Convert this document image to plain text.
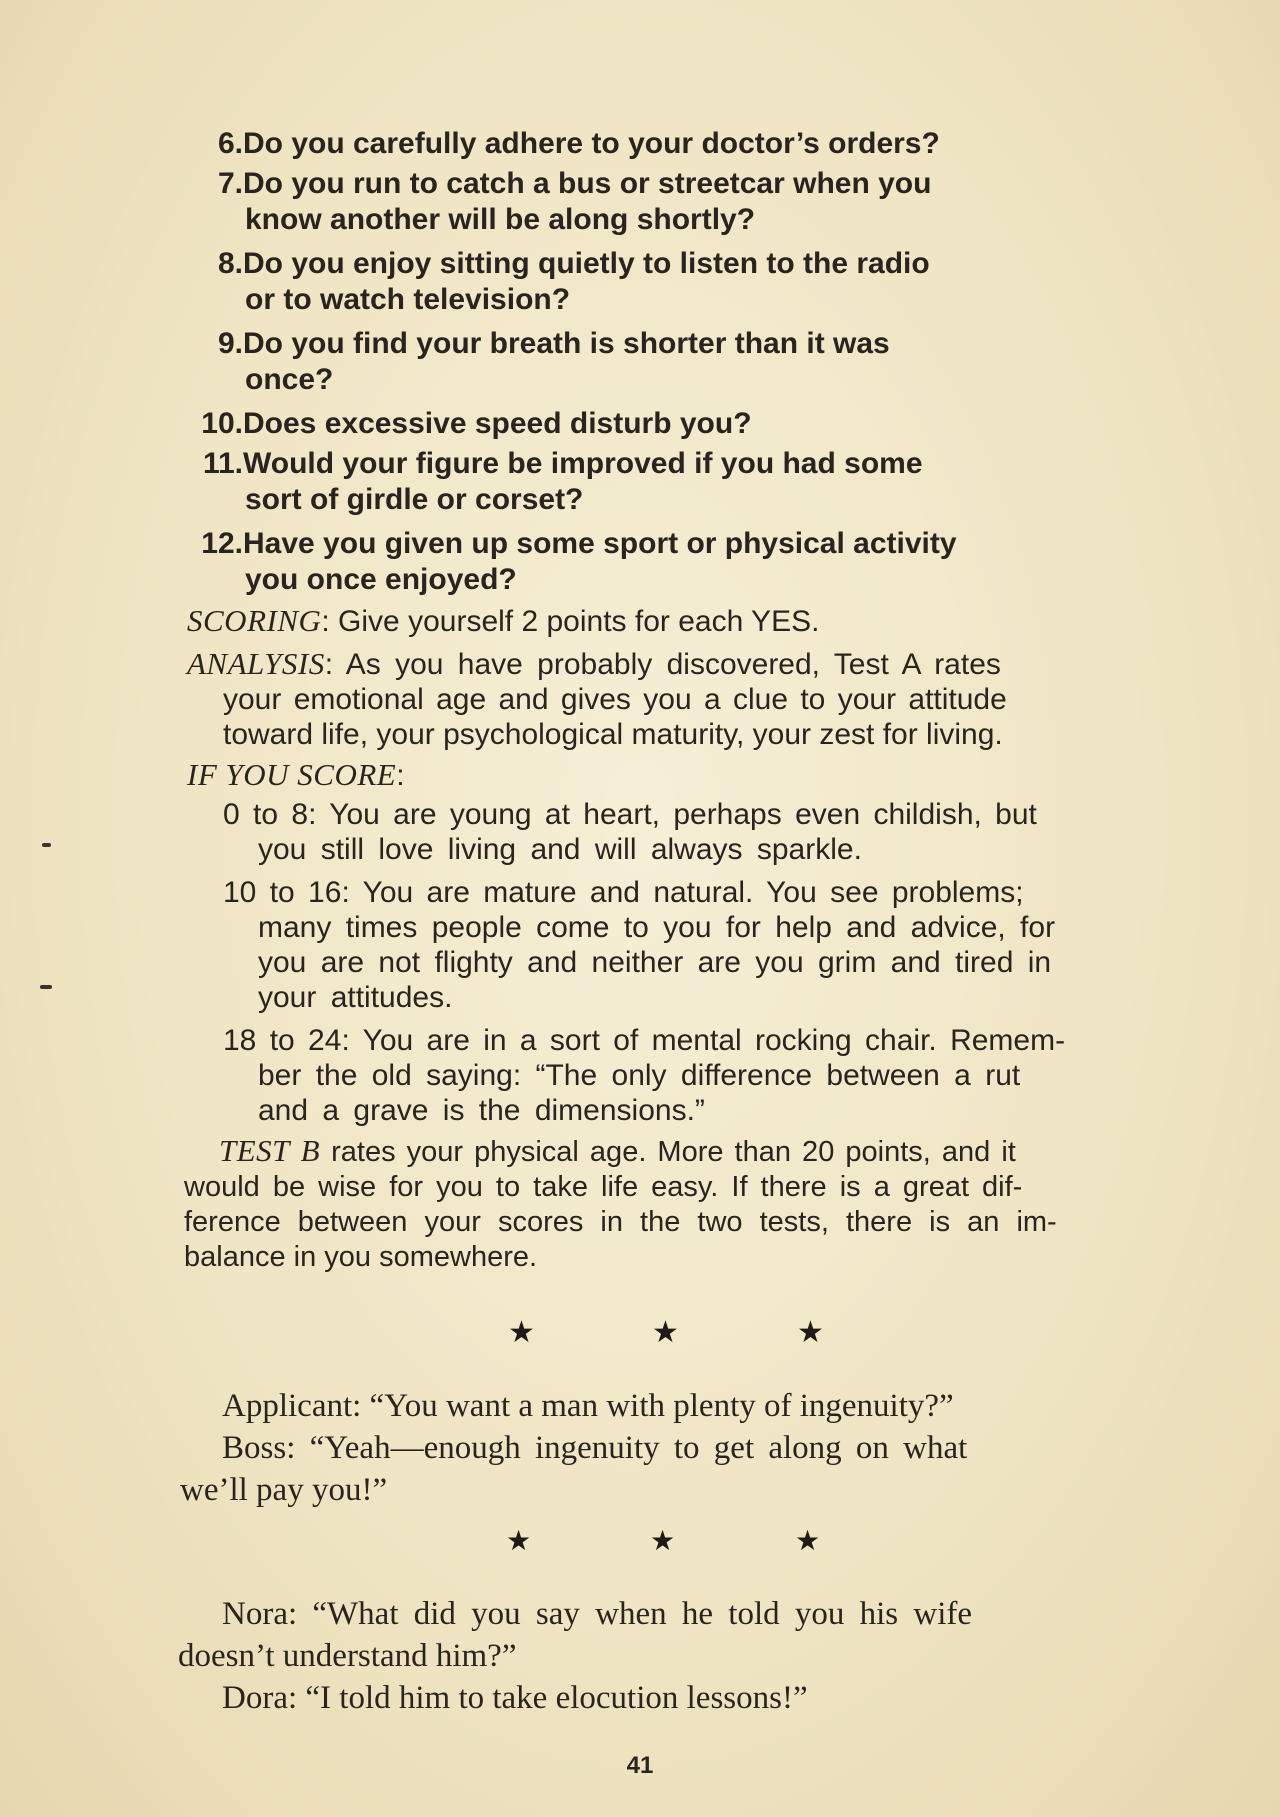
6.Do you carefully adhere to your doctor’s orders?
7.Do you run to catch a bus or streetcar when you
know another will be along shortly?
8.Do you enjoy sitting quietly to listen to the radio
or to watch television?
9.Do you find your breath is shorter than it was
once?
10.Does excessive speed disturb you?
11.Would your figure be improved if you had some
sort of girdle or corset?
12.Have you given up some sport or physical activity
you once enjoyed?
SCORING: Give yourself 2 points for each YES.
ANALYSIS: As you have probably discovered, Test A rates
your emotional age and gives you a clue to your attitude
toward life, your psychological maturity, your zest for living.
IF YOU SCORE:
0 to 8: You are young at heart, perhaps even childish, but
you still love living and will always sparkle.
10 to 16: You are mature and natural. You see problems;
many times people come to you for help and advice, for
you are not flighty and neither are you grim and tired in
your attitudes.
18 to 24: You are in a sort of mental rocking chair. Remem-
ber the old saying: “The only difference between a rut
and a grave is the dimensions.”
TEST B rates your physical age. More than 20 points, and it
would be wise for you to take life easy. If there is a great dif-
ference between your scores in the two tests, there is an im-
balance in you somewhere.
★	★	★
Applicant: “You want a man with plenty of ingenuity?”
Boss: “Yeah—enough ingenuity to get along on what
we’ll pay you!”
★	★	★
Nora: “What did you say when he told you his wife
doesn’t understand him?”
Dora: “I told him to take elocution lessons!”
41
